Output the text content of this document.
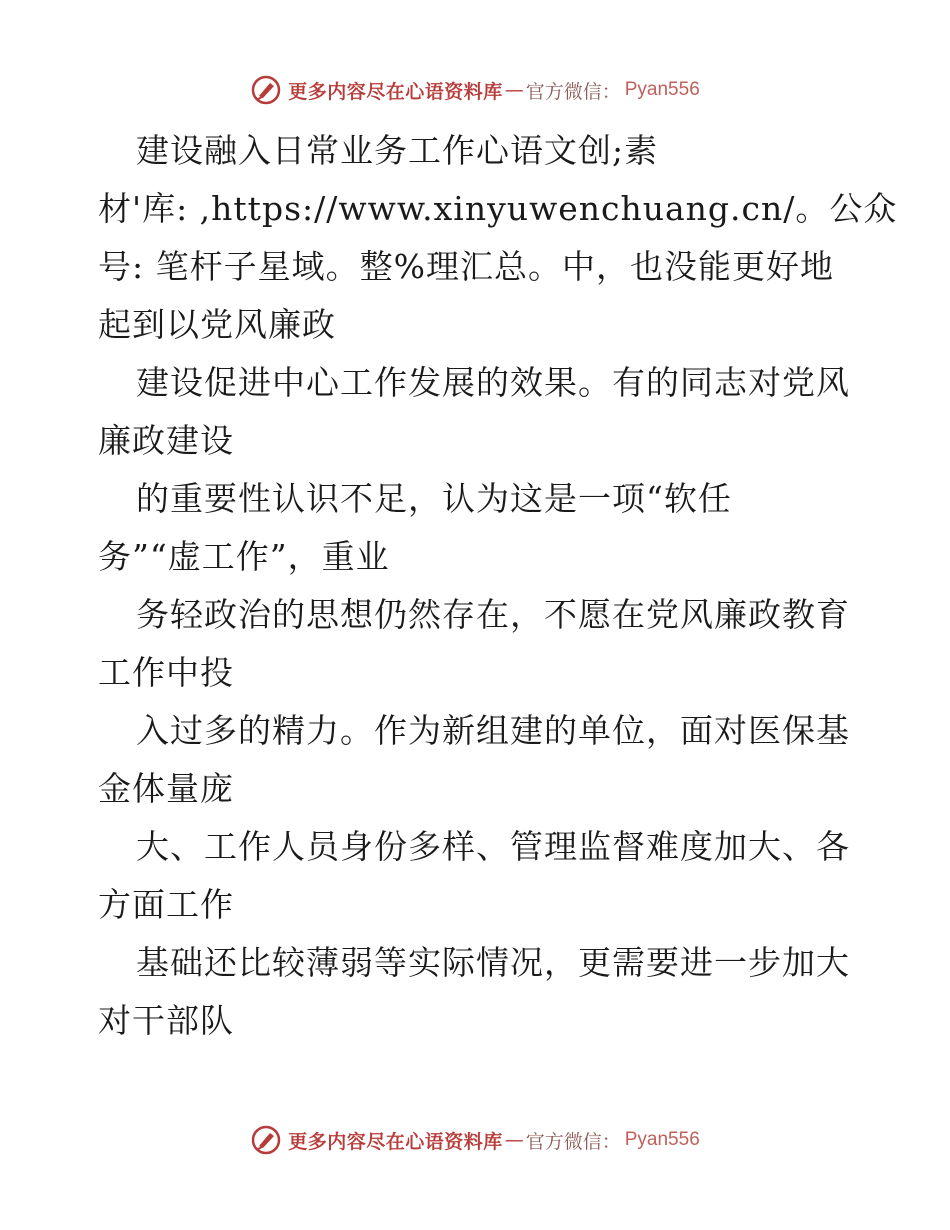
更多内容尽在心语资料库 — 官方微信： Pyan556
建设融入日常业务工作心语文创;素
材'库: ,https://www.xinyuwenchuang.cn/。公众
号: 笔杆子星域。整%理汇总。中，也没能更好地
起到以党风廉政
建设促进中心工作发展的效果。有的同志对党风
廉政建设
的重要性认识不足，认为这是一项“软任
务”“虚工作”，重业
务轻政治的思想仍然存在，不愿在党风廉政教育
工作中投
入过多的精力。作为新组建的单位，面对医保基
金体量庞
大、工作人员身份多样、管理监督难度加大、各
方面工作
基础还比较薄弱等实际情况，更需要进一步加大
对干部队
更多内容尽在心语资料库 — 官方微信： Pyan556
